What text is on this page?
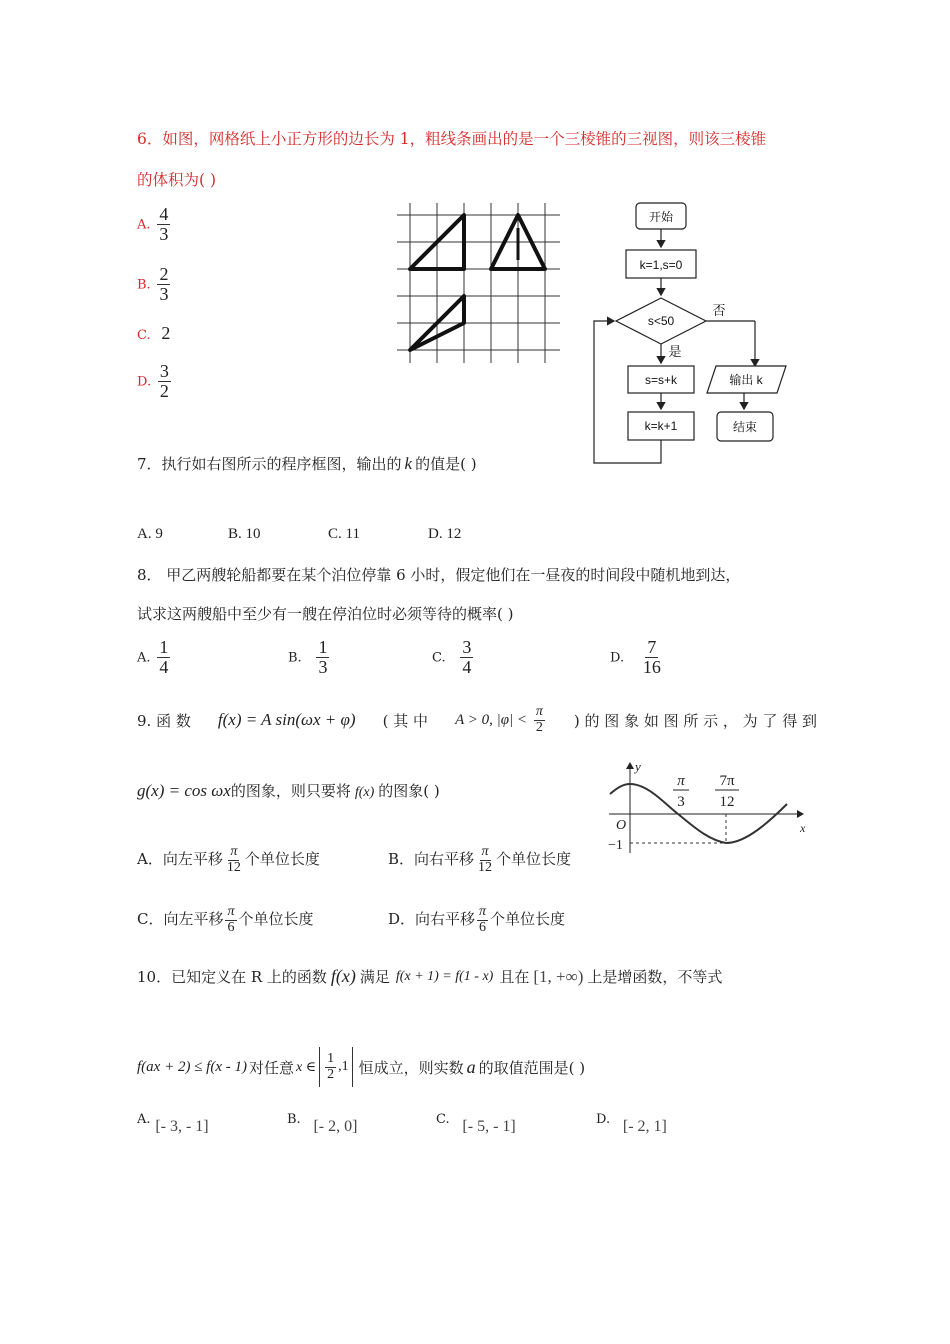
6．如图，网格纸上小正方形的边长为 1，粗线条画出的是一个三棱锥的三视图，则该三棱锥
的体积为( )
A. $\frac{4}{3}$
B. $\frac{2}{3}$
C. 2
D. $\frac{3}{2}$
开始
k=1,s=0
s<50
否
是
s=s+k
k=k+1
输出 k
结束
7．执行如右图所示的程序框图，输出的 k 的值是( )
A. 9	B. 10	C. 11	D. 12
8． 甲乙两艘轮船都要在某个泊位停靠 6 小时，假定他们在一昼夜的时间段中随机地到达，
试求这两艘船中至少有一艘在停泊位时必须等待的概率( )
A. $\frac{1}{4}$	B. $\frac{1}{3}$	C. $\frac{3}{4}$	D. $\frac{7}{16}$
9. 函 数 f(x) = A sin(ωx + φ) ( 其 中 A > 0, $|\varphi| < \frac{\pi}{2}$ ) 的 图 象 如 图 所 示 ， 为 了 得 到
g(x) = cos ωx的图象，则只要将 f(x) 的图象( )
y
x
O
−1
π
3
7π
12
A．向左平移 $\frac{\pi}{12}$ 个单位长度	B．向右平移 $\frac{\pi}{12}$ 个单位长度
C．向左平移 $\frac{\pi}{6}$ 个单位长度	D．向右平移 $\frac{\pi}{6}$ 个单位长度
10．已知定义在 R 上的函数 f(x) 满足 f(x + 1) = f(1 - x) 且在 [1, +∞) 上是增函数，不等式
f(ax + 2) ≤ f(x - 1) 对任意 x ∈ $\frac{1}{2} ,1$ 恒成立，则实数 a 的取值范围是( )
A. [- 3, - 1]	B. [- 2, 0]	C. [- 5, - 1]	D. [- 2, 1]
